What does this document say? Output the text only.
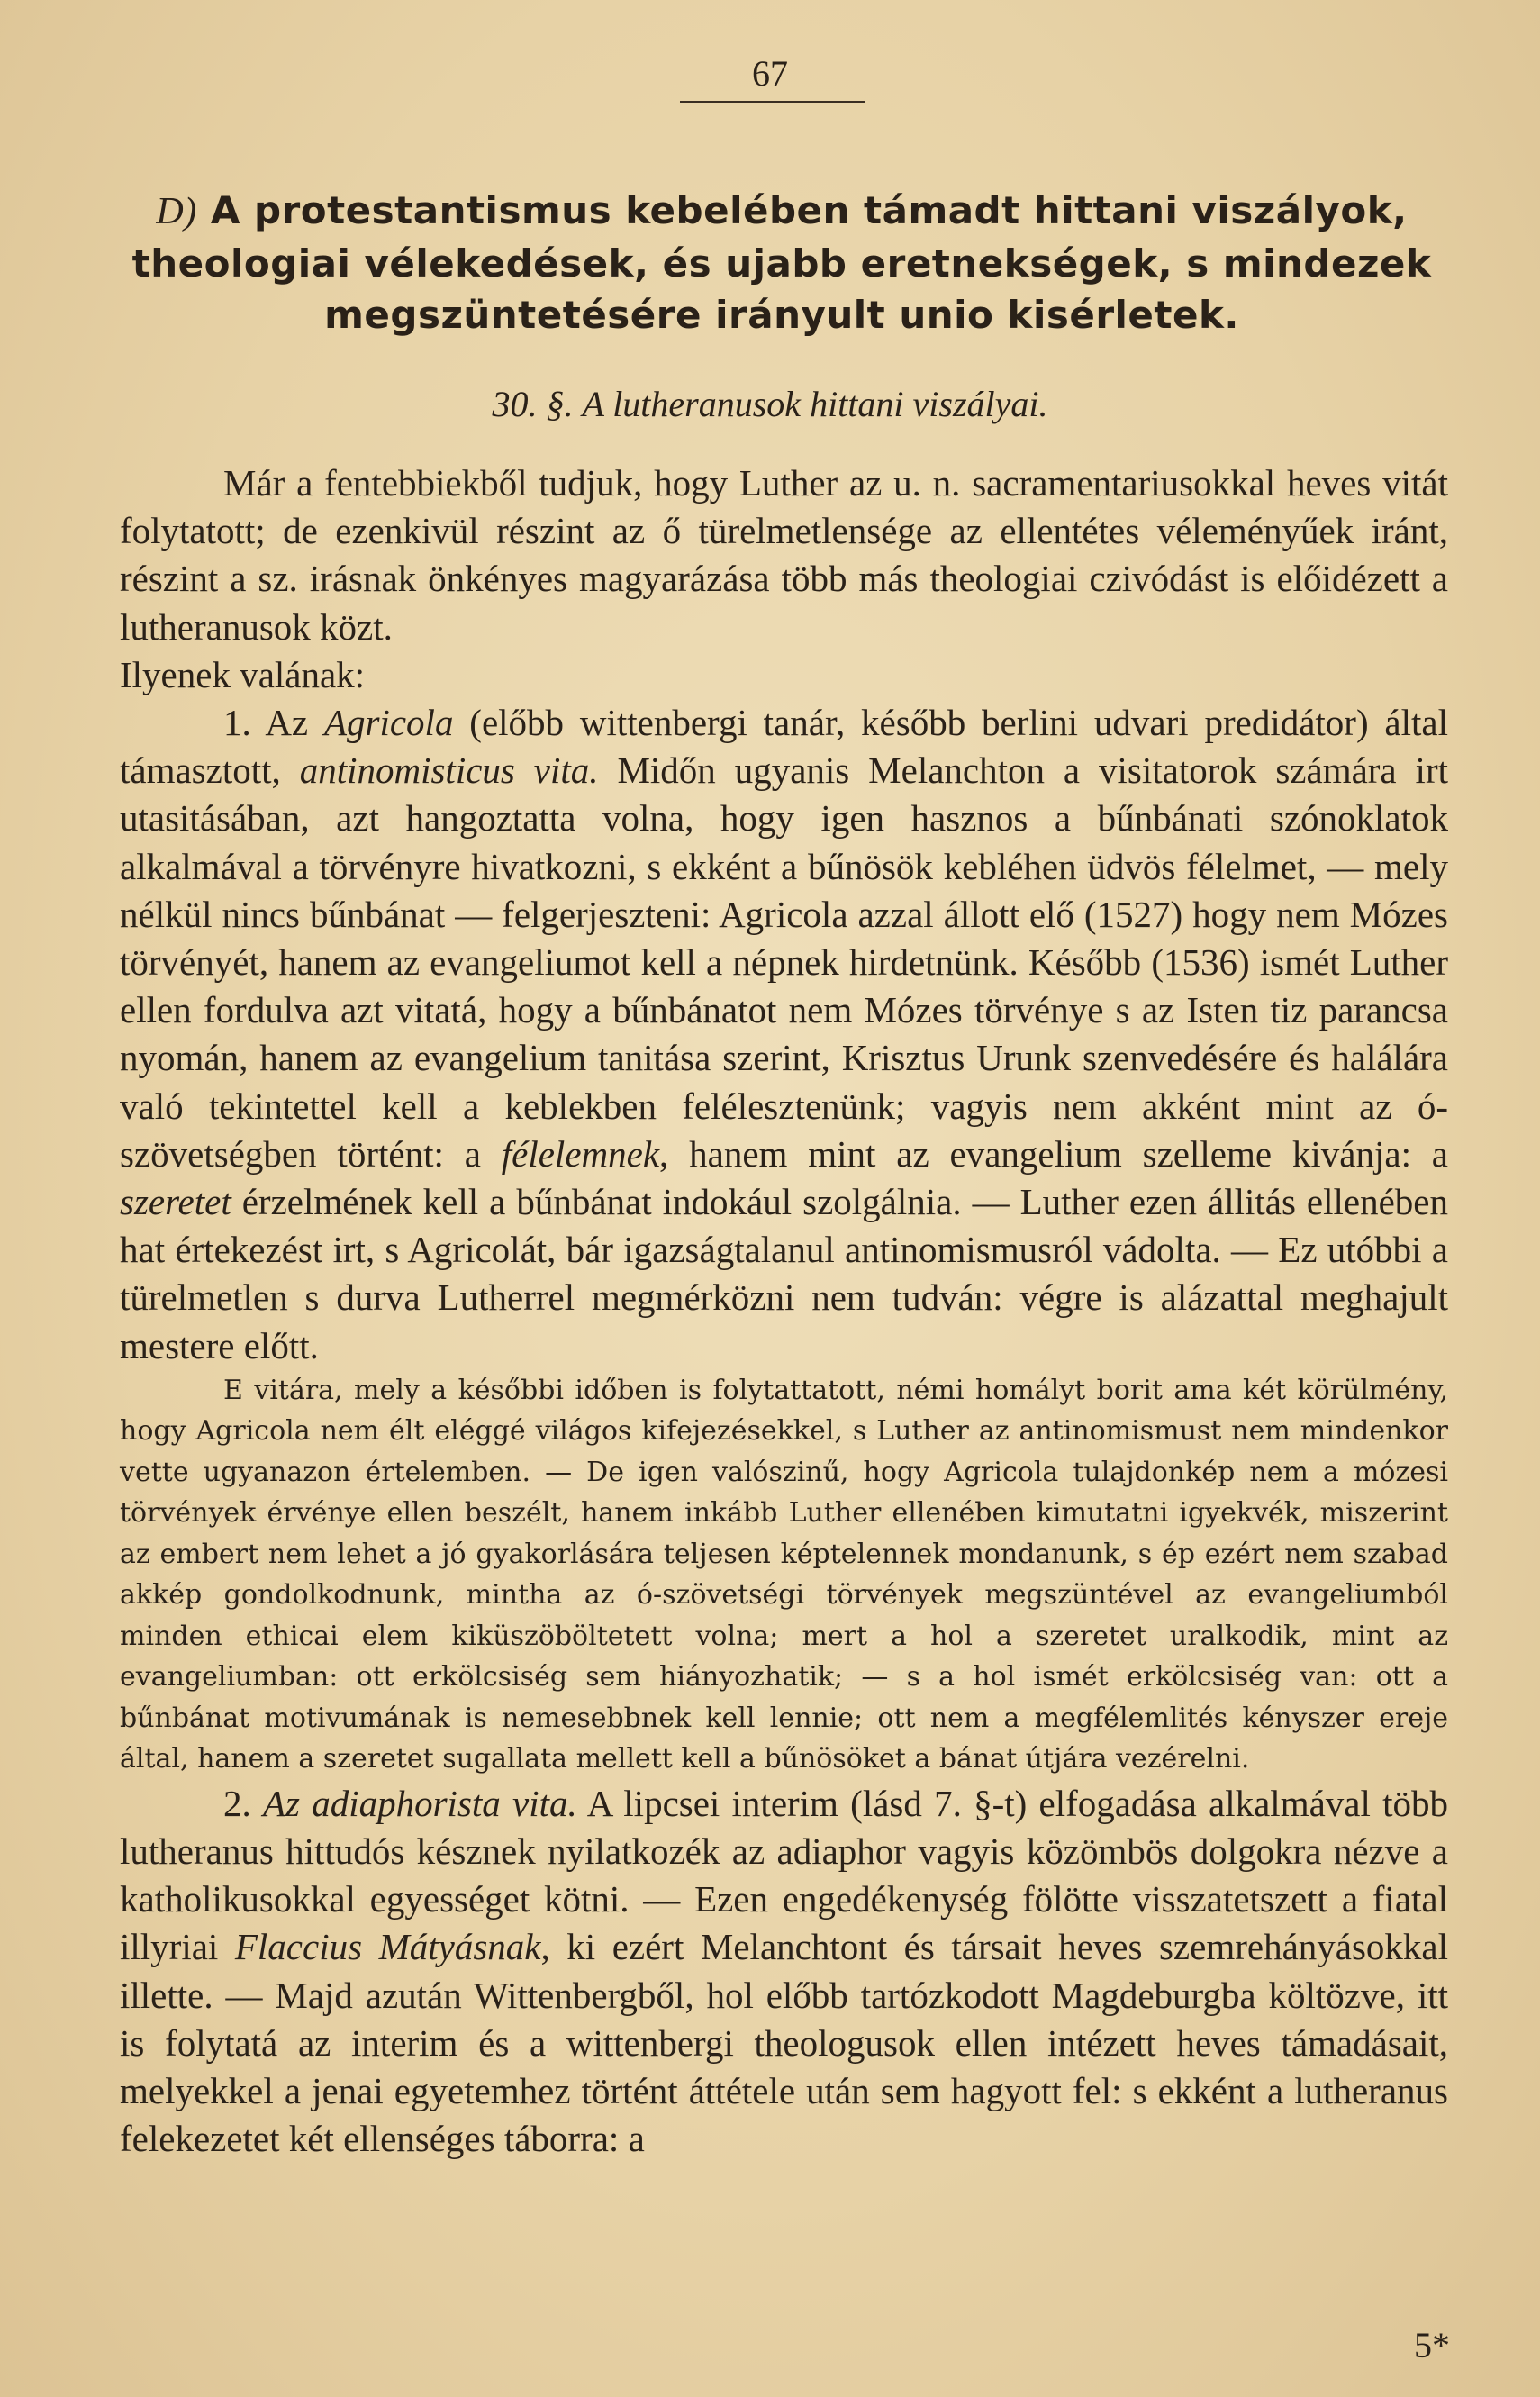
67
D) A protestantismus kebelében támadt hittani viszályok, theologiai vélekedések, és ujabb eretnekségek, s mindezek megszüntetésére irányult unio kisérletek.
30. §. A lutheranusok hittani viszályai.

Már a fentebbiekből tudjuk, hogy Luther az u. n. sacramentariusokkal heves vitát folytatott; de ezenkivül részint az ő türelmetlensége az ellentétes véleményűek iránt, részint a sz. irásnak önkényes magyarázása több más theologiai czivódást is előidézett a lutheranusok közt.

Ilyenek valának:

1. Az Agricola (előbb wittenbergi tanár, később berlini udvari predidátor) által támasztott, antinomisticus vita. Midőn ugyanis Melanchton a visitatorok számára irt utasitásában, azt hangoztatta volna, hogy igen hasznos a bűnbánati szónoklatok alkalmával a törvényre hivatkozni, s ekként a bűnösök kebléhen üdvös félelmet, — mely nélkül nincs bűnbánat — felgerjeszteni: Agricola azzal állott elő (1527) hogy nem Mózes törvényét, hanem az evangeliumot kell a népnek hirdetnünk. Később (1536) ismét Luther ellen fordulva azt vitatá, hogy a bűnbánatot nem Mózes törvénye s az Isten tiz parancsa nyomán, hanem az evangelium tanitása szerint, Krisztus Urunk szenvedésére és halálára való tekintettel kell a keblekben felélesztenünk; vagyis nem akként mint az ó-szövetségben történt: a félelemnek, hanem mint az evangelium szelleme kivánja: a szeretet érzelmének kell a bűnbánat indokául szolgálnia. — Luther ezen állitás ellenében hat értekezést irt, s Agricolát, bár igazságtalanul antinomismusról vádolta. — Ez utóbbi a türelmetlen s durva Lutherrel megmérközni nem tudván: végre is alázattal meghajult mestere előtt.

E vitára, mely a későbbi időben is folytattatott, némi homályt borit ama két körülmény, hogy Agricola nem élt eléggé világos kifejezésekkel, s Luther az antinomismust nem mindenkor vette ugyanazon értelemben. — De igen valószinű, hogy Agricola tulajdonkép nem a mózesi törvények érvénye ellen beszélt, hanem inkább Luther ellenében kimutatni igyekvék, miszerint az embert nem lehet a jó gyakorlására teljesen képtelennek mondanunk, s ép ezért nem szabad akkép gondolkodnunk, mintha az ó-szövetségi törvények megszüntével az evangeliumból minden ethicai elem kiküszöböltetett volna; mert a hol a szeretet uralkodik, mint az evangeliumban: ott erkölcsiség sem hiányozhatik; — s a hol ismét erkölcsiség van: ott a bűnbánat motivumának is nemesebbnek kell lennie; ott nem a megfélemlités kényszer ereje által, hanem a szeretet sugallata mellett kell a bűnösöket a bánat útjára vezérelni.

2. Az adiaphorista vita. A lipcsei interim (lásd 7. §-t) elfogadása alkalmával több lutheranus hittudós késznek nyilatkozék az adiaphor vagyis közömbös dolgokra nézve a katholikusokkal egyességet kötni. — Ezen engedékenység fölötte visszatetszett a fiatal illyriai Flaccius Mátyásnak, ki ezért Melanchtont és társait heves szemrehányásokkal illette. — Majd azután Wittenbergből, hol előbb tartózkodott Magdeburgba költözve, itt is folytatá az interim és a wittenbergi theologusok ellen intézett heves támadásait, melyekkel a jenai egyetemhez történt áttétele után sem hagyott fel: s ekként a lutheranus felekezetet két ellenséges táborra: a

5*
